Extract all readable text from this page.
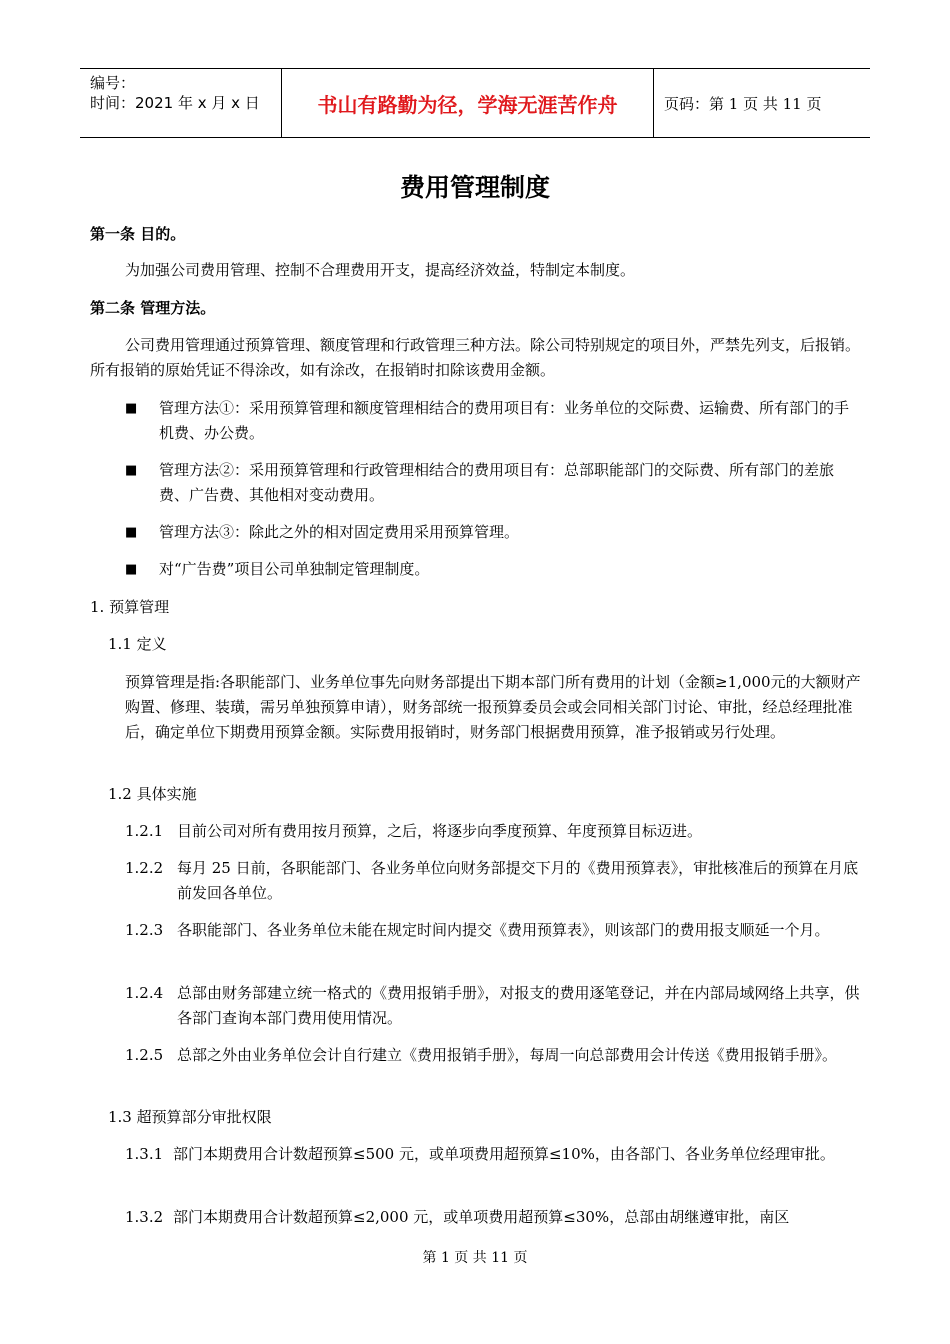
编号：
时间：2021 年 x 月 x 日	书山有路勤为径，学海无涯苦作舟	页码：第 1 页 共 11 页
费用管理制度
第一条 目的。
为加强公司费用管理、控制不合理费用开支，提高经济效益，特制定本制度。
第二条 管理方法。
公司费用管理通过预算管理、额度管理和行政管理三种方法。除公司特别规定的项目外，严禁先列支，后报销。所有报销的原始凭证不得涂改，如有涂改，在报销时扣除该费用金额。
■	管理方法①：采用预算管理和额度管理相结合的费用项目有：业务单位的交际费、运输费、所有部门的手机费、办公费。
■	管理方法②：采用预算管理和行政管理相结合的费用项目有：总部职能部门的交际费、所有部门的差旅费、广告费、其他相对变动费用。
■	管理方法③：除此之外的相对固定费用采用预算管理。
■	对“广告费”项目公司单独制定管理制度。
1. 预算管理
1.1 定义
预算管理是指:各职能部门、业务单位事先向财务部提出下期本部门所有费用的计划（金额≥1,000元的大额财产购置、修理、装璜，需另单独预算申请），财务部统一报预算委员会或会同相关部门讨论、审批，经总经理批准后，确定单位下期费用预算金额。实际费用报销时，财务部门根据费用预算，准予报销或另行处理。
1.2 具体实施
1.2.1 目前公司对所有费用按月预算，之后，将逐步向季度预算、年度预算目标迈进。
1.2.2 每月 25 日前，各职能部门、各业务单位向财务部提交下月的《费用预算表》，审批核准后的预算在月底前发回各单位。
1.2.3 各职能部门、各业务单位未能在规定时间内提交《费用预算表》，则该部门的费用报支顺延一个月。
1.2.4 总部由财务部建立统一格式的《费用报销手册》，对报支的费用逐笔登记，并在内部局域网络上共享，供各部门查询本部门费用使用情况。
1.2.5 总部之外由业务单位会计自行建立《费用报销手册》，每周一向总部费用会计传送《费用报销手册》。
1.3 超预算部分审批权限
1.3.1 部门本期费用合计数超预算≤500 元，或单项费用超预算≤10%，由各部门、各业务单位经理审批。
1.3.2 部门本期费用合计数超预算≤2,000 元，或单项费用超预算≤30%，总部由胡继遵审批，南区
第 1 页 共 11 页
